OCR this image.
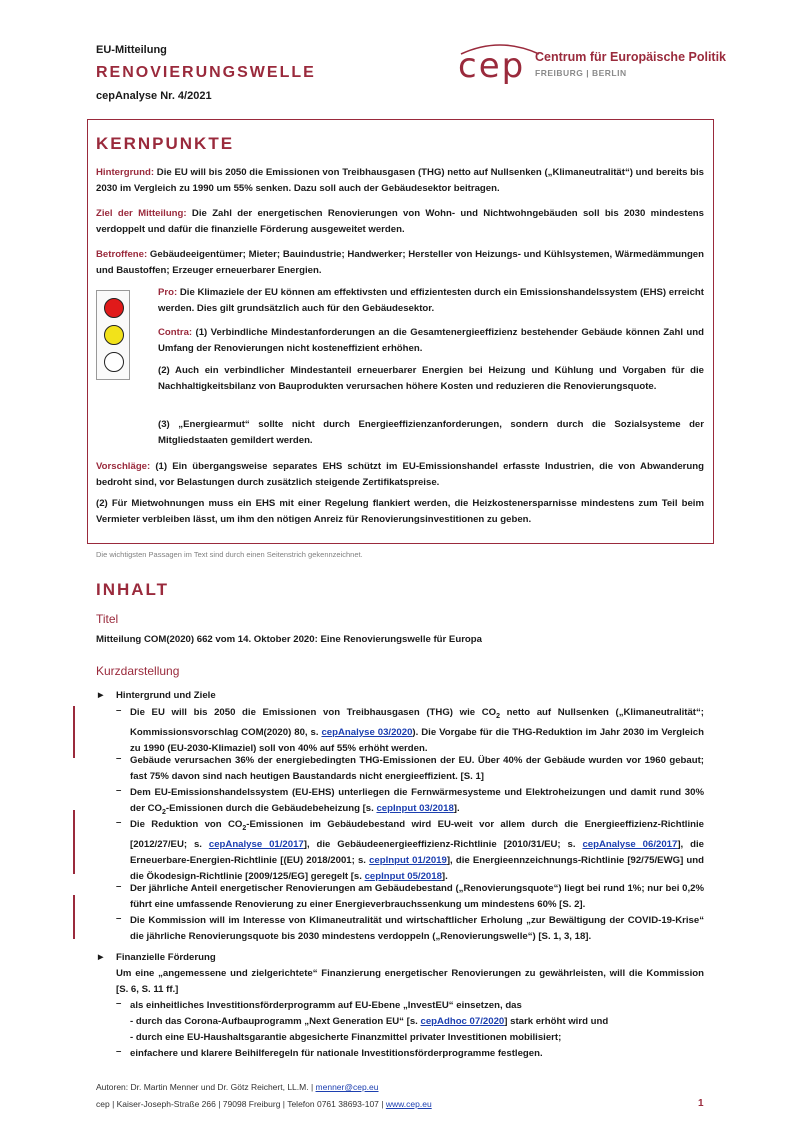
EU-Mitteilung
RENOVIERUNGSWELLE
cepAnalyse Nr. 4/2021
cep Centrum für Europäische Politik
FREIBURG | BERLIN
KERNPUNKTE

Hintergrund: Die EU will bis 2050 die Emissionen von Treibhausgasen (THG) netto auf Nullsenken („Klimaneutralität“) und bereits bis 2030 im Vergleich zu 1990 um 55% senken. Dazu soll auch der Gebäudesektor beitragen.

Ziel der Mitteilung: Die Zahl der energetischen Renovierungen von Wohn- und Nichtwohngebäuden soll bis 2030 mindestens verdoppelt und dafür die finanzielle Förderung ausgeweitet werden.

Betroffene: Gebäudeeigentümer; Mieter; Bauindustrie; Handwerker; Hersteller von Heizungs- und Kühlsystemen, Wärmedämmungen und Baustoffen; Erzeuger erneuerbarer Energien.

Pro: Die Klimaziele der EU können am effektivsten und effizientesten durch ein Emissionshandelssystem (EHS) erreicht werden. Dies gilt grundsätzlich auch für den Gebäudesektor.

Contra: (1) Verbindliche Mindestanforderungen an die Gesamtenergieeffizienz bestehender Gebäude können Zahl und Umfang der Renovierungen nicht kosteneffizient erhöhen.

(2) Auch ein verbindlicher Mindestanteil erneuerbarer Energien bei Heizung und Kühlung und Vorgaben für die Nachhaltigkeitsbilanz von Bauprodukten verursachen höhere Kosten und reduzieren die Renovierungsquote.

(3) „Energiearmut“ sollte nicht durch Energieeffizienzanforderungen, sondern durch die Sozialsysteme der Mitgliedstaaten gemildert werden.

Vorschläge: (1) Ein übergangsweise separates EHS schützt im EU-Emissionshandel erfasste Industrien, die von Abwanderung bedroht sind, vor Belastungen durch zusätzlich steigende Zertifikatspreise.

(2) Für Mietwohnungen muss ein EHS mit einer Regelung flankiert werden, die Heizkostenersparnisse mindestens zum Teil beim Vermieter verbleiben lässt, um ihm den nötigen Anreiz für Renovierungsinvestitionen zu geben.

Die wichtigsten Passagen im Text sind durch einen Seitenstrich gekennzeichnet.
INHALT
Titel
Mitteilung COM(2020) 662 vom 14. Oktober 2020: Eine Renovierungswelle für Europa
Kurzdarstellung
► Hintergrund und Ziele
– Die EU will bis 2050 die Emissionen von Treibhausgasen (THG) wie $CO_2$ netto auf Nullsenken („Klimaneutralität“; Kommissionsvorschlag COM(2020) 80, s. cepAnalyse 03/2020). Die Vorgabe für die THG-Reduktion im Jahr 2030 im Vergleich zu 1990 (EU-2030-Klimaziel) soll von 40% auf 55% erhöht werden.

– Gebäude verursachen 36% der energiebedingten THG-Emissionen der EU. Über 40% der Gebäude wurden vor 1960 gebaut; fast 75% davon sind nach heutigen Baustandards nicht energieeffizient. [S. 1]

– Dem EU-Emissionshandelssystem (EU-EHS) unterliegen die Fernwärmesysteme und Elektroheizungen und damit rund 30% der $CO_2$-Emissionen durch die Gebäudebeheizung [s. cepInput 03/2018].

– Die Reduktion von $CO_2$-Emissionen im Gebäudebestand wird EU-weit vor allem durch die Energieeffizienz-Richtlinie [2012/27/EU; s. cepAnalyse 01/2017], die Gebäudeenergieeffizienz-Richtlinie [2010/31/EU; s. cepAnalyse 06/2017], die Erneuerbare-Energien-Richtlinie [(EU) 2018/2001; s. cepInput 01/2019], die Energieennzeichnungs-Richtlinie [92/75/EWG] und die Ökodesign-Richtlinie [2009/125/EG] geregelt [s. cepInput 05/2018].

– Der jährliche Anteil energetischer Renovierungen am Gebäudebestand („Renovierungsquote“) liegt bei rund 1%; nur bei 0,2% führt eine umfassende Renovierung zu einer Energieverbrauchssenkung um mindestens 60% [S. 2].

– Die Kommission will im Interesse von Klimaneutralität und wirtschaftlicher Erholung „zur Bewältigung der COVID-19-Krise“ die jährliche Renovierungsquote bis 2030 mindestens verdoppeln („Renovierungswelle“) [S. 1, 3, 18].

► Finanzielle Förderung

Um eine „angemessene und zielgerichtete“ Finanzierung energetischer Renovierungen zu gewährleisten, will die Kommission [S. 6, S. 11 ff.]

– als einheitliches Investitionsförderprogramm auf EU-Ebene „InvestEU“ einsetzen, das

- durch das Corona-Aufbauprogramm „Next Generation EU“ [s. cepAdhoc 07/2020] stark erhöht wird und

- durch eine EU-Haushaltsgarantie abgesicherte Finanzmittel privater Investitionen mobilisiert;

– einfachere und klarere Beihilferegeln für nationale Investitionsförderprogramme festlegen.

Autoren: Dr. Martin Menner und Dr. Götz Reichert, LL.M. | menner@cep.eu
cep | Kaiser-Joseph-Straße 266 | 79098 Freiburg | Telefon 0761 38693-107 | www.cep.eu	1
